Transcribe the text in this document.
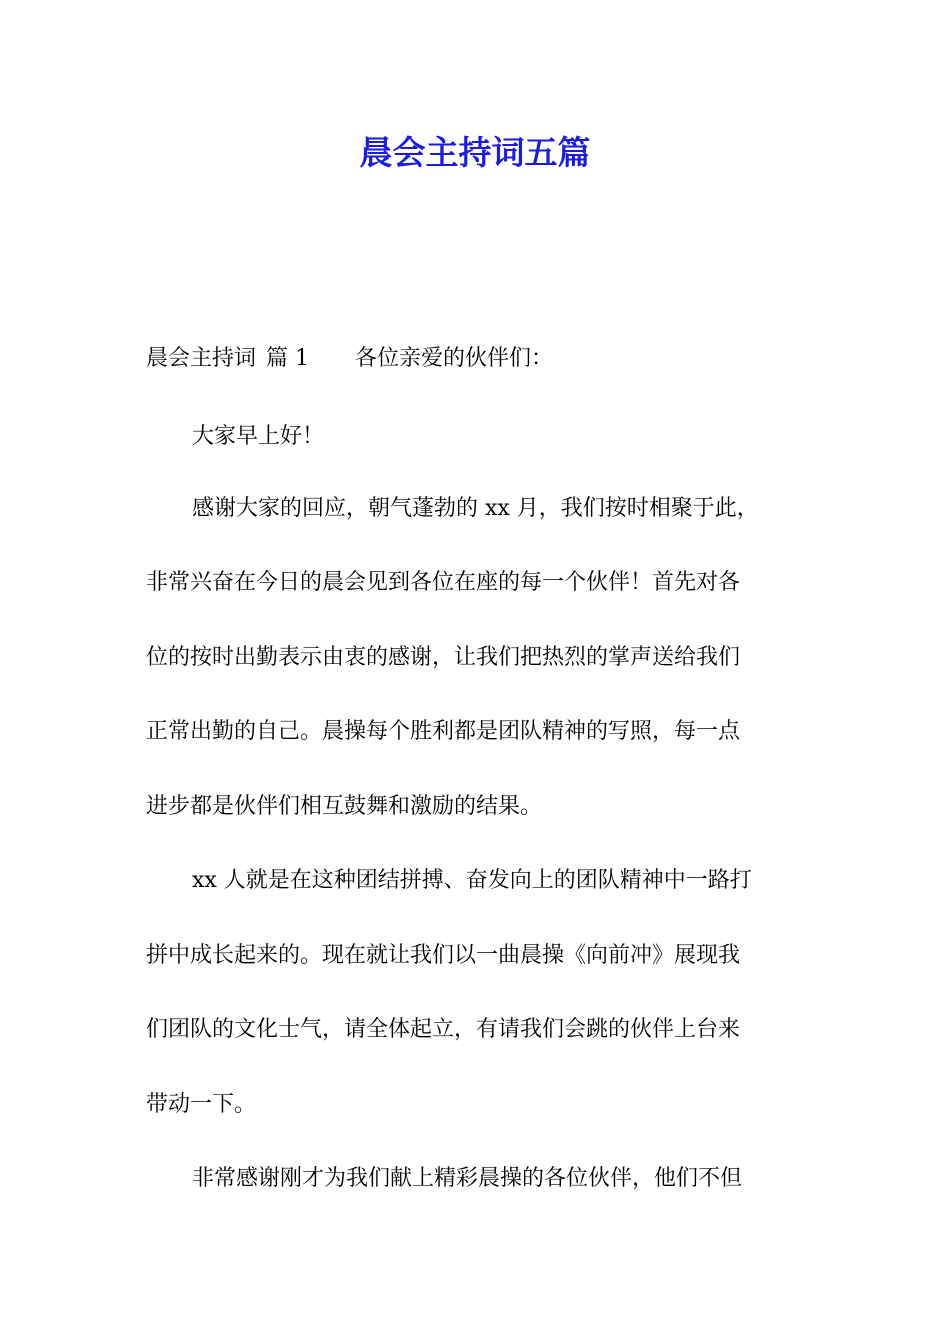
晨会主持词五篇
晨会主持词 篇 1 各位亲爱的伙伴们：
大家早上好！
感谢大家的回应，朝气蓬勃的 xx 月，我们按时相聚于此，
非常兴奋在今日的晨会见到各位在座的每一个伙伴！首先对各
位的按时出勤表示由衷的感谢，让我们把热烈的掌声送给我们
正常出勤的自己。晨操每个胜利都是团队精神的写照，每一点
进步都是伙伴们相互鼓舞和激励的结果。
xx 人就是在这种团结拼搏、奋发向上的团队精神中一路打
拼中成长起来的。现在就让我们以一曲晨操《向前冲》展现我
们团队的文化士气，请全体起立，有请我们会跳的伙伴上台来
带动一下。
非常感谢刚才为我们献上精彩晨操的各位伙伴，他们不但
